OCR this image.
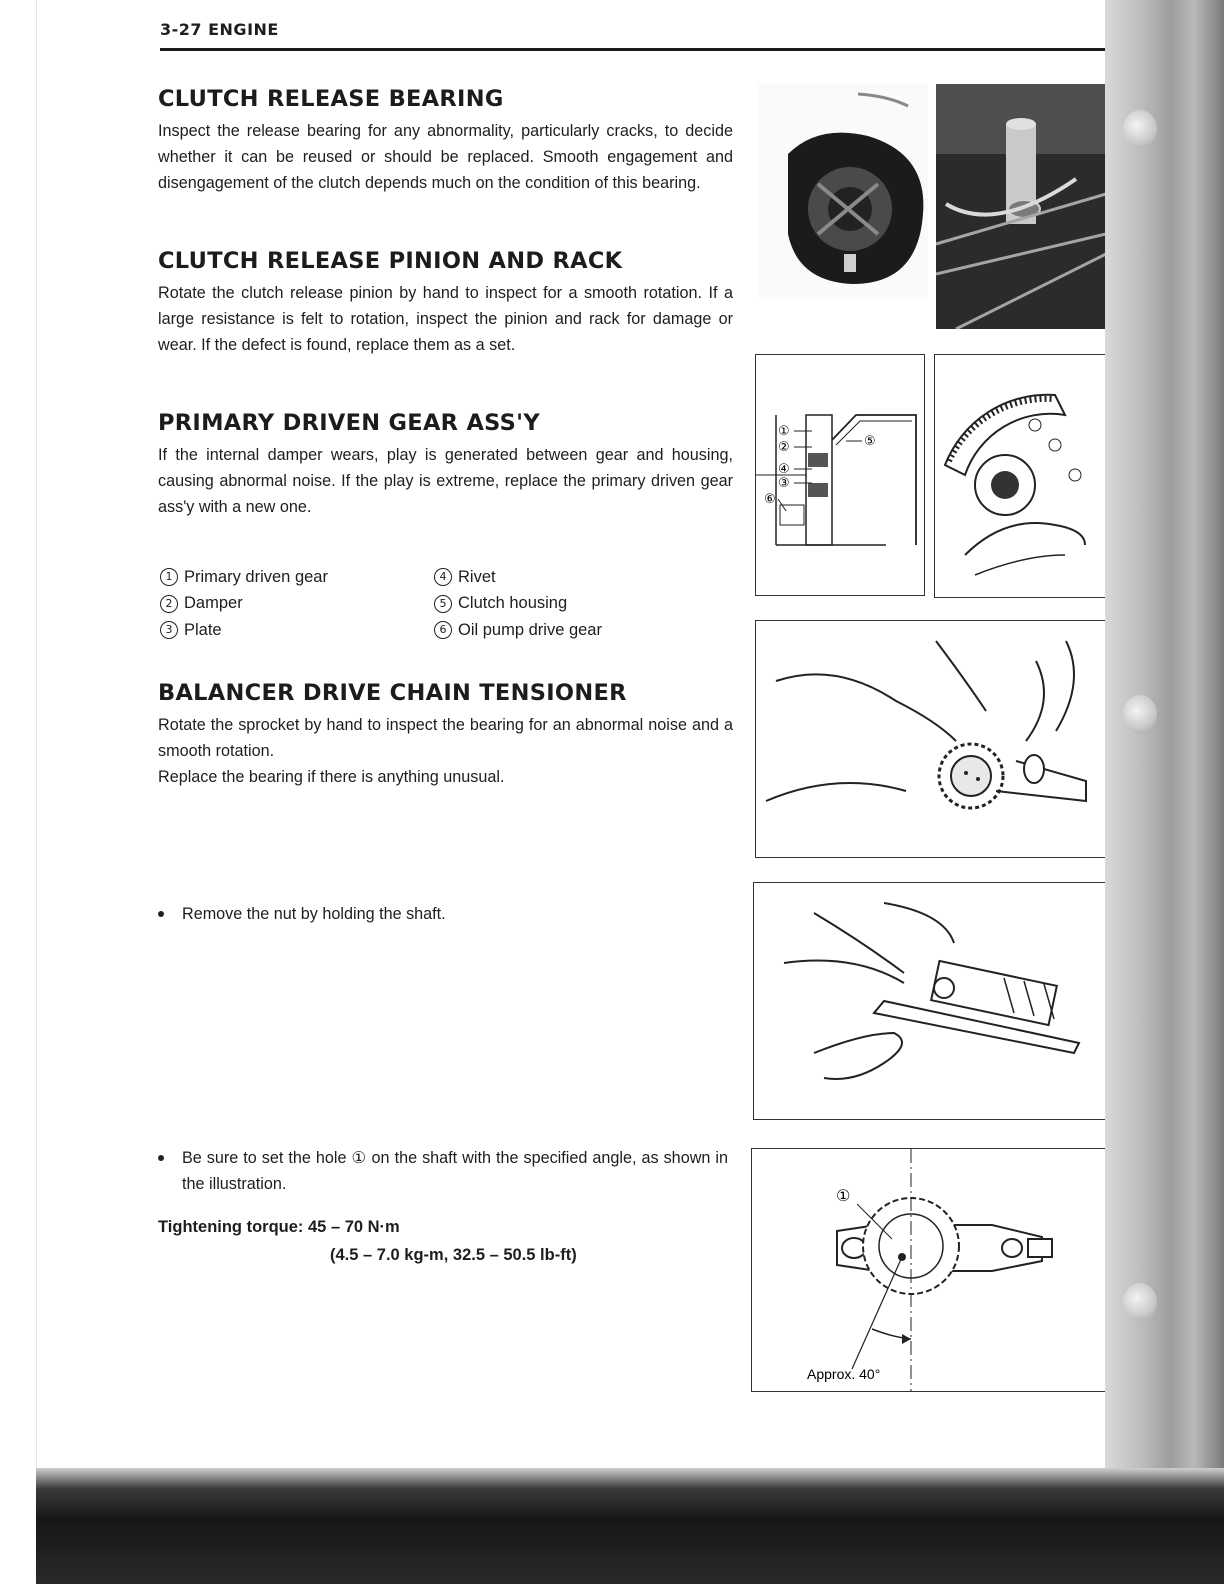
3-27 ENGINE
CLUTCH RELEASE BEARING

Inspect the release bearing for any abnormality, particularly cracks, to decide whether it can be reused or should be replaced. Smooth engagement and disengagement of the clutch depends much on the condition of this bearing.

CLUTCH RELEASE PINION AND RACK

Rotate the clutch release pinion by hand to inspect for a smooth rotation. If a large resistance is felt to rotation, inspect the pinion and rack for damage or wear. If the defect is found, replace them as a set.

PRIMARY DRIVEN GEAR ASS'Y

If the internal damper wears, play is generated between gear and housing, causing abnormal noise. If the play is extreme, replace the primary driven gear ass'y with a new one.

1 Primary driven gear
2 Damper
3 Plate
4 Rivet
5 Clutch housing
6 Oil pump drive gear
BALANCER DRIVE CHAIN TENSIONER

Rotate the sprocket by hand to inspect the bearing for an abnormal noise and a smooth rotation.

Replace the bearing if there is anything unusual.

Remove the nut by holding the shaft.
Be sure to set the hole ① on the shaft with the specified angle, as shown in the illustration.
Tightening torque: 45 – 70 N·m
(4.5 – 7.0 kg-m, 32.5 – 50.5 lb-ft)
①
②
④
③
⑥
⑤
①
Approx. 40°
